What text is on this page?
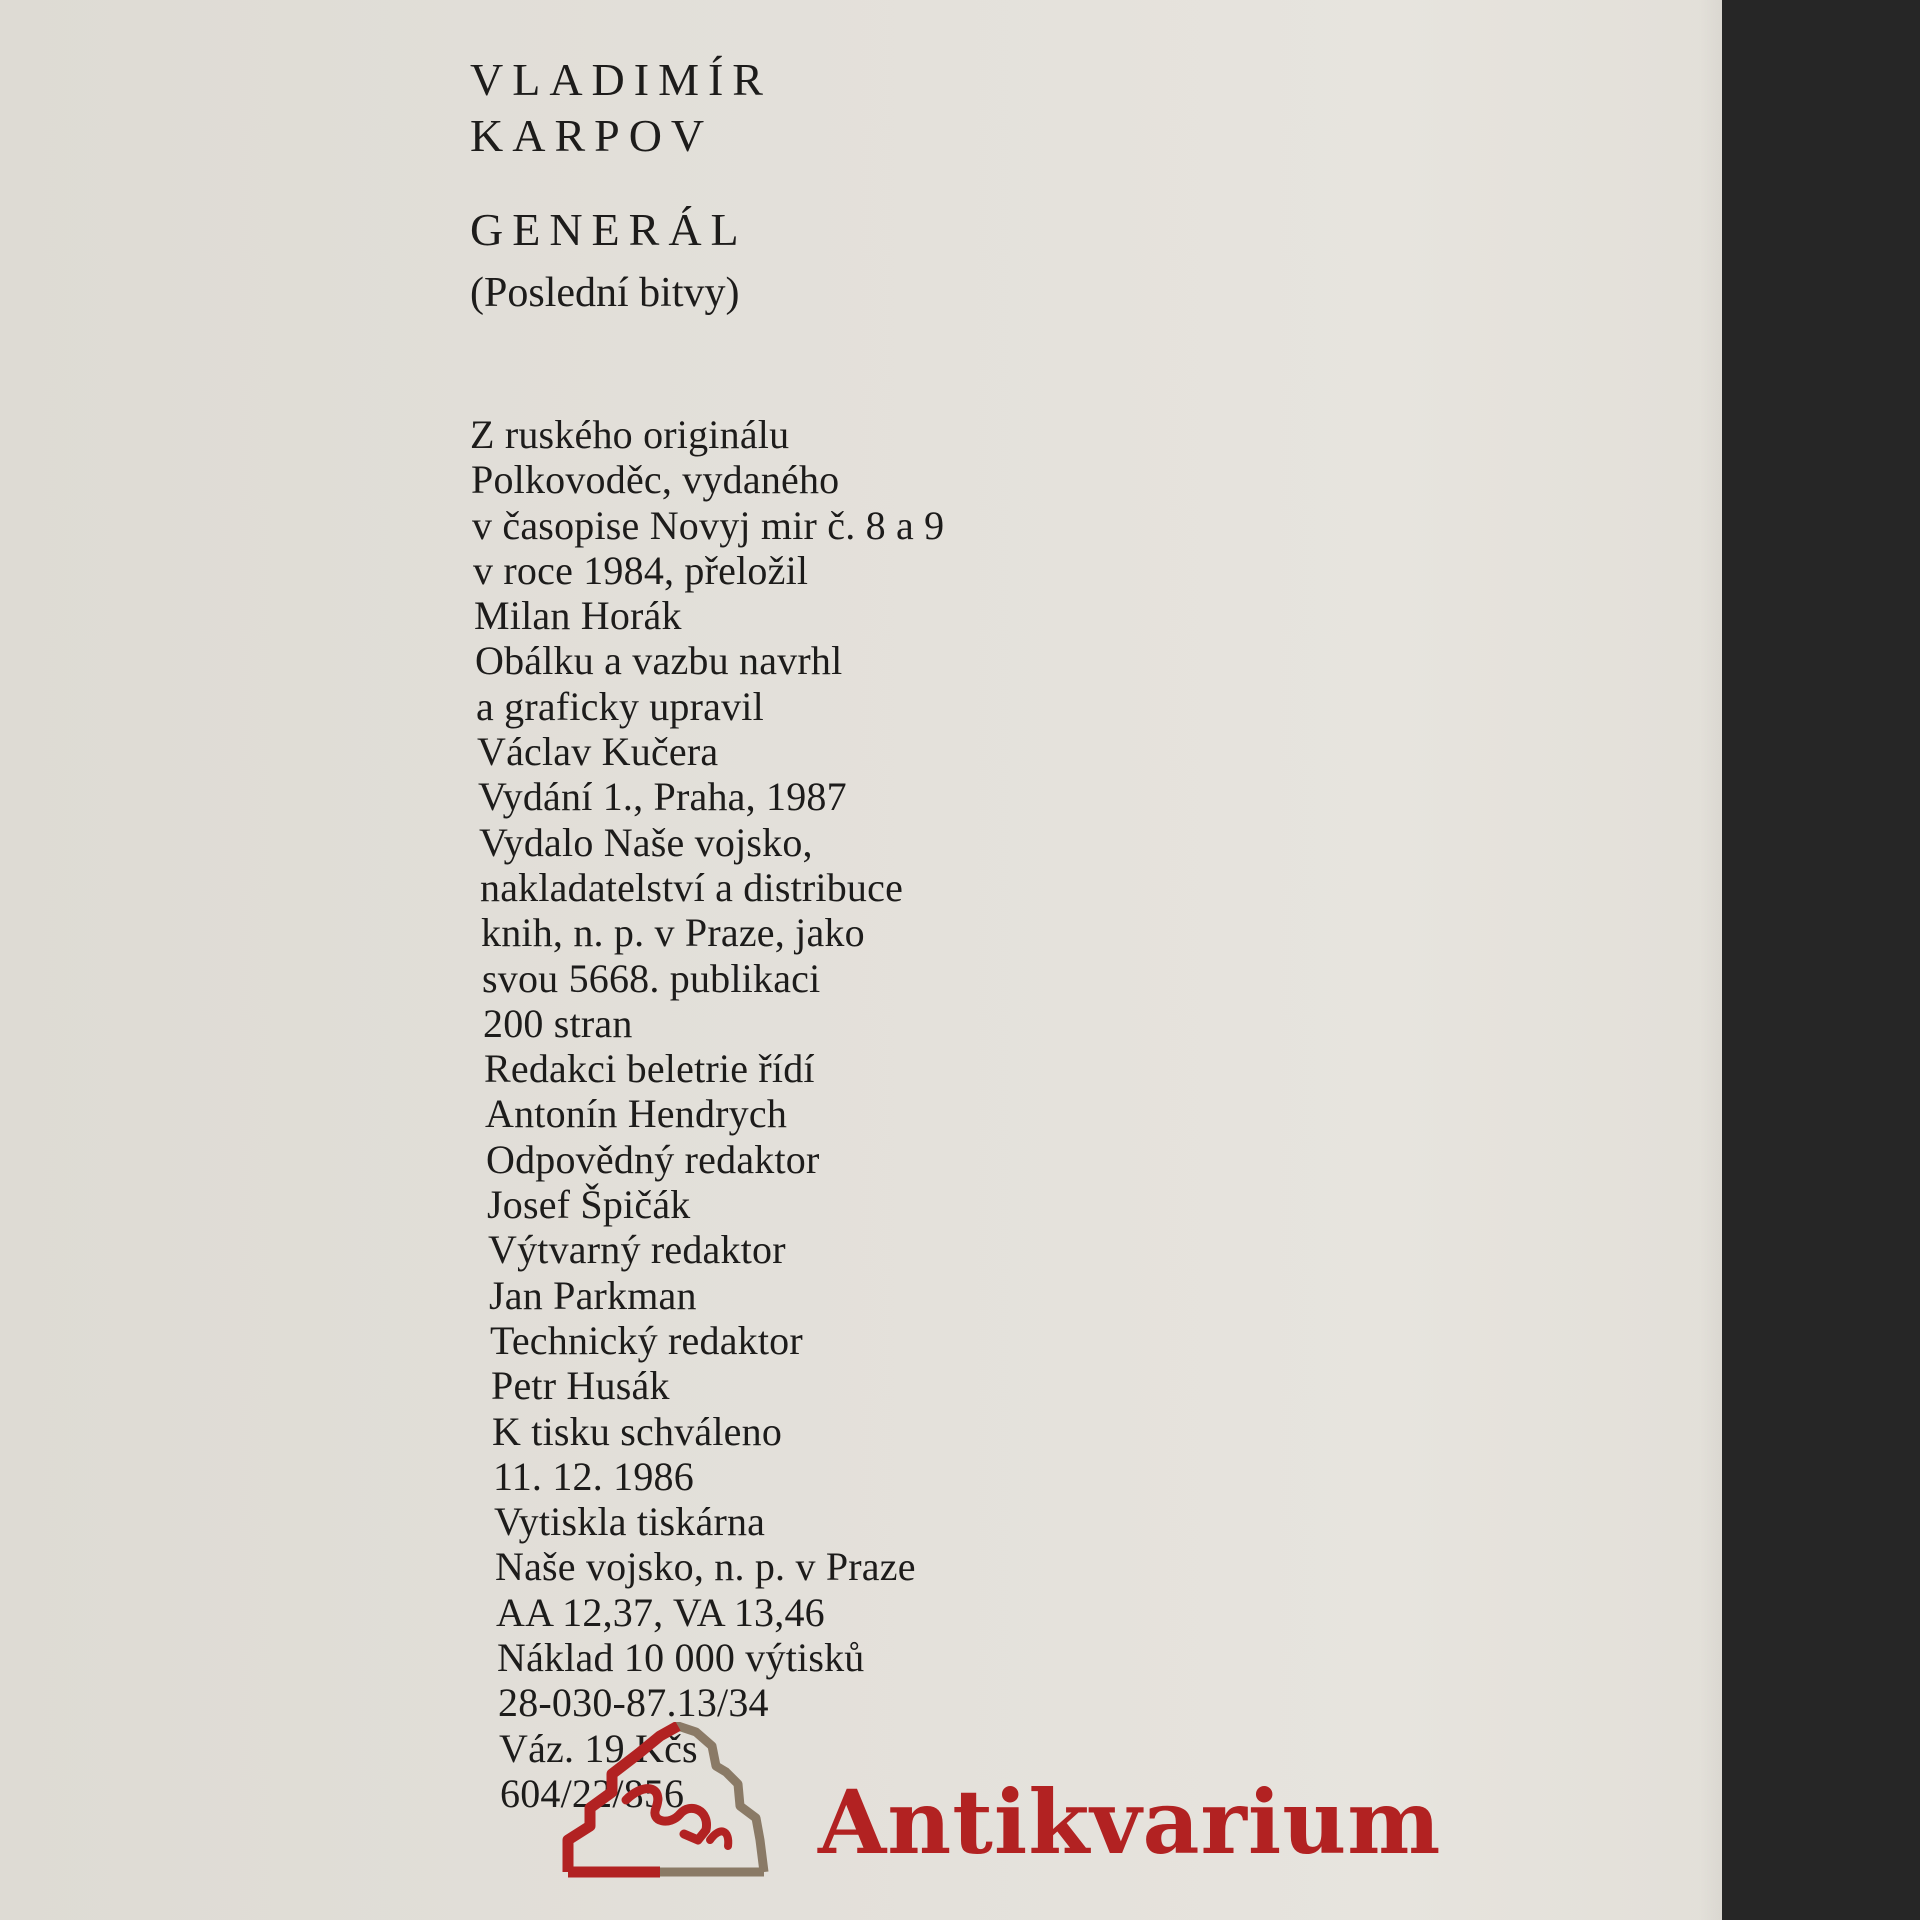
VLADIMÍR
KARPOV
GENERÁL

(Poslední bitvy)

Z ruského originálu
Polkovoděc, vydaného
v časopise Novyj mir č. 8 a 9
v roce 1984, přeložil
Milan Horák
Obálku a vazbu navrhl
a graficky upravil
Václav Kučera
Vydání 1., Praha, 1987
Vydalo Naše vojsko,
nakladatelství a distribuce
knih, n. p. v Praze, jako
svou 5668. publikaci
200 stran
Redakci beletrie řídí
Antonín Hendrych
Odpovědný redaktor
Josef Špičák
Výtvarný redaktor
Jan Parkman
Technický redaktor
Petr Husák
K tisku schváleno
11. 12. 1986
Vytiskla tiskárna
Naše vojsko, n. p. v Praze
AA 12,37, VA 13,46
Náklad 10 000 výtisků
28-030-87.13/34
Váz. 19 Kčs
604/22/856	Antikvarium
